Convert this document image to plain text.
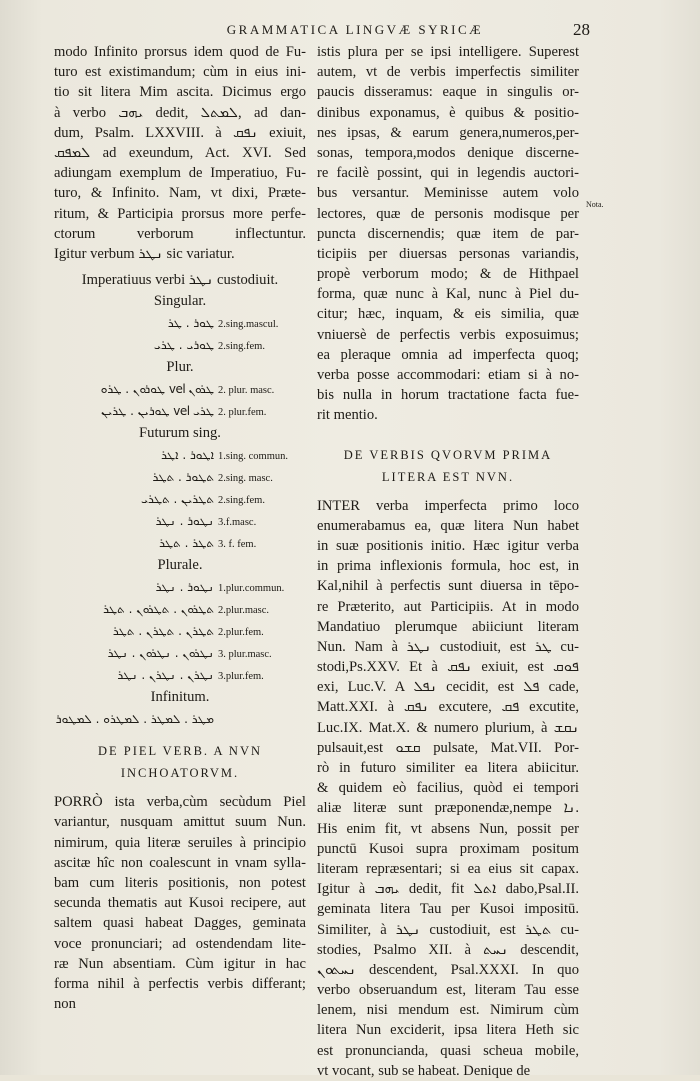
GRAMMATICA LINGVÆ SYRICÆ	28
Nota.
modo Infinito prorsus idem quod de Fu-
turo est existimandum; cùm in eius ini-
tio sit litera Mim ascita. Dicimus ergo
à verbo ܝܗܒ dedit, ܠܡܬܠ, ad dan-
dum, Psalm. LXXVIII. à ܢܦܩ exiuit,
ܠܡܦܩ ad exeundum, Act. XVI. Sed
adiungam exemplum de Imperatiuo, Fu-
turo, & Infinito. Nam, vt dixi, Præte-
ritum, & Participia prorsus more perfe-
ctorum verborum inflectuntur.
Igitur verbum ܢܛܪ sic variatur.
Imperatiuus verbi ܢܛܪ custodiuit.
Singular.
ܛܘܪ . ܛܪ 2.sing.mascul.
ܛܘܪܝ . ܛܪܝ 2.sing.fem.
Plur.
ܛܘܪܘܢ . ܛܪܘ vel ܛܪܘܢ 2. plur. masc.
ܛܘܪܝܢ . ܛܪܝܢ vel ܛܪܝ 2. plur.fem.
Futurum sing.
ܐܛܘܪ . ܐܛܪ 1.sing. commun.
ܬܛܘܪ . ܬܛܪ 2.sing. masc.
ܬܛܪܝܢ . ܬܛܪܝ 2.sing.fem.
ܢܛܘܪ . ܢܛܪ 3.f.masc.
ܬܛܪ . ܬܛܪ 3. f. fem.
Plurale.
ܢܛܘܪ . ܢܛܪ 1.plur.commun.
ܬܛܪܘܢ . ܬܛܪܘܢ . ܬܛܪ 2.plur.masc.
ܬܛܪܢ . ܬܛܪܢ . ܬܛܪ 2.plur.fem.
ܢܛܪܘܢ . ܢܛܪܘܢ . ܢܛܪ 3. plur.masc.
ܢܛܪܢ . ܢܛܪܢ . ܢܛܪ 3.plur.fem.
Infinitum.
ܡܛܪ . ܠܡܛܪ . ܠܡܛܪܘ . ܠܡܛܘܪ
DE PIEL VERB. A NVN
INCHOATORVM.
PORRÒ ista verba,cùm secùdum Piel
variantur, nusquam amittut suum Nun.
nimirum, quia literæ seruiles à principio
ascitæ hîc non coalescunt in vnam sylla-
bam cum literis positionis, non potest
secunda thematis aut Kusoi recipere, aut
saltem quasi habeat Dagges, geminata
voce pronunciari; ad ostendendam lite-
ræ Nun absentiam. Cùm igitur in hac
forma nihil à perfectis verbis differant;
non
istis plura per se ipsi intelligere. Superest
autem, vt de verbis imperfectis similiter
paucis disseramus: eaque in singulis or-
dinibus exponamus, è quibus & positio-
nes ipsas, & earum genera,numeros,per-
sonas, tempora,modos denique discerne-
re facilè possint, qui in legendis auctori-
bus versantur. Meminisse autem volo
lectores, quæ de personis modisque per
puncta discernendis; quæ item de par-
ticipiis per diuersas personas variandis,
propè verborum modo; & de Hithpael
forma, quæ nunc à Kal, nunc à Piel du-
citur; hæc, inquam, & eis similia, quæ
vniuersè de perfectis verbis exposuimus;
ea pleraque omnia ad imperfecta quoq;
verba posse accommodari: etiam si à no-
bis nulla in horum tractatione facta fue-
rit mentio.
DE VERBIS QVORVM PRIMA
LITERA EST NVN.
INTER verba imperfecta primo loco
enumerabamus ea, quæ litera Nun habet
in suæ positionis initio. Hæc igitur verba
in prima inflexionis formula, hoc est, in
Kal,nihil à perfectis sunt diuersa in tēpo-
re Præterito, aut Participiis. At in modo
Mandatiuo plerumque abiiciunt literam
Nun. Nam à ܢܛܪ custodiuit, est ܛܪ cu-
stodi,Ps.XXV. Et à ܢܦܩ exiuit, est ܦܘܩ
exi, Luc.V. A ܢܦܠ cecidit, est ܦܠ cade,
Matt.XXI. à ܢܦܩ excutere, ܦܩ excutite,
Luc.IX. Mat.X. & numero plurium, à ܢܩܫ
pulsauit,est ܩܫܘ pulsate, Mat.VII. Por-
rò in futuro similiter ea litera abiicitur.
& quidem eò facilius, quòd ei tempori
aliæ literæ sunt præponendæ,nempe ܢܐ.
His enim fit, vt absens Nun, possit per
punctū Kusoi supra proximam positum
literam repræsentari; si ea eius sit capax.
Igitur à ܝܗܒ dedit, fit ܐܬܠ dabo,Psal.II.
geminata litera Tau per Kusoi impositū.
Similiter, à ܢܛܪ custodiuit, est ܬܛܪ cu-
stodies, Psalmo XII. à ܢܚܬ descendit,
ܢܚܬܘܢ descendent, Psal.XXXI. In quo
verbo obseruandum est, literam Tau esse
lenem, nisi mendum est. Nimirum cùm
litera Nun exciderit, ipsa litera Heth sic
est pronuncianda, quasi scheua mobile,
vt vocant, sub se habeat. Denique de
